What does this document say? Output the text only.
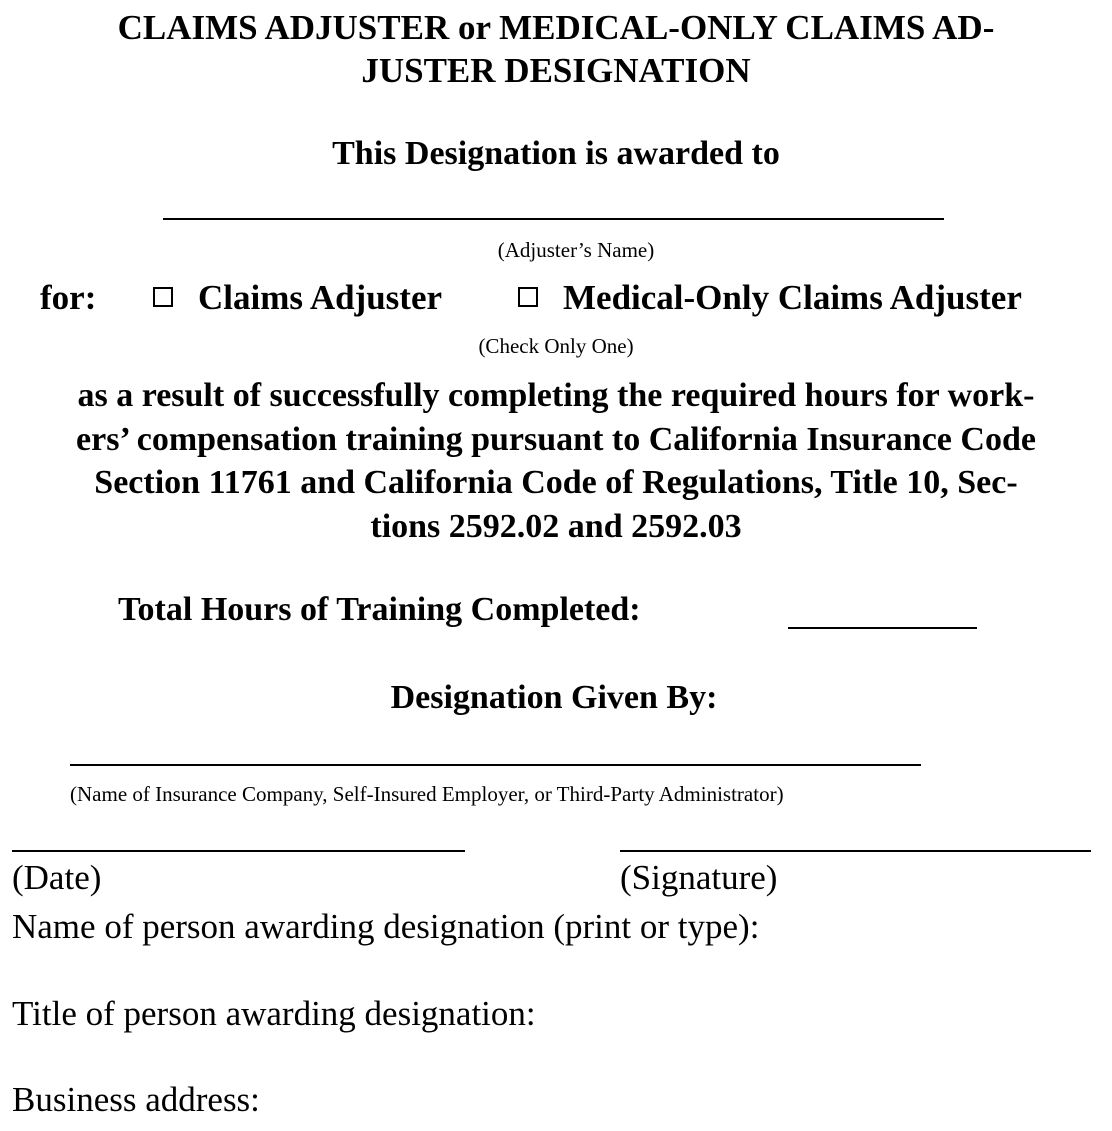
CLAIMS ADJUSTER or MEDICAL-ONLY CLAIMS AD-
JUSTER DESIGNATION
This Designation is awarded to
(Adjuster’s Name)
for:	Claims Adjuster	Medical-Only Claims Adjuster
(Check Only One)
as a result of successfully completing the required hours for work-
ers’ compensation training pursuant to California Insurance Code
Section 11761 and California Code of Regulations, Title 10, Sec-
tions 2592.02 and 2592.03
Total Hours of Training Completed:
Designation Given By:
(Name of Insurance Company, Self-Insured Employer, or Third-Party Administrator)
(Date)	(Signature)
Name of person awarding designation (print or type):
Title of person awarding designation:
Business address:
